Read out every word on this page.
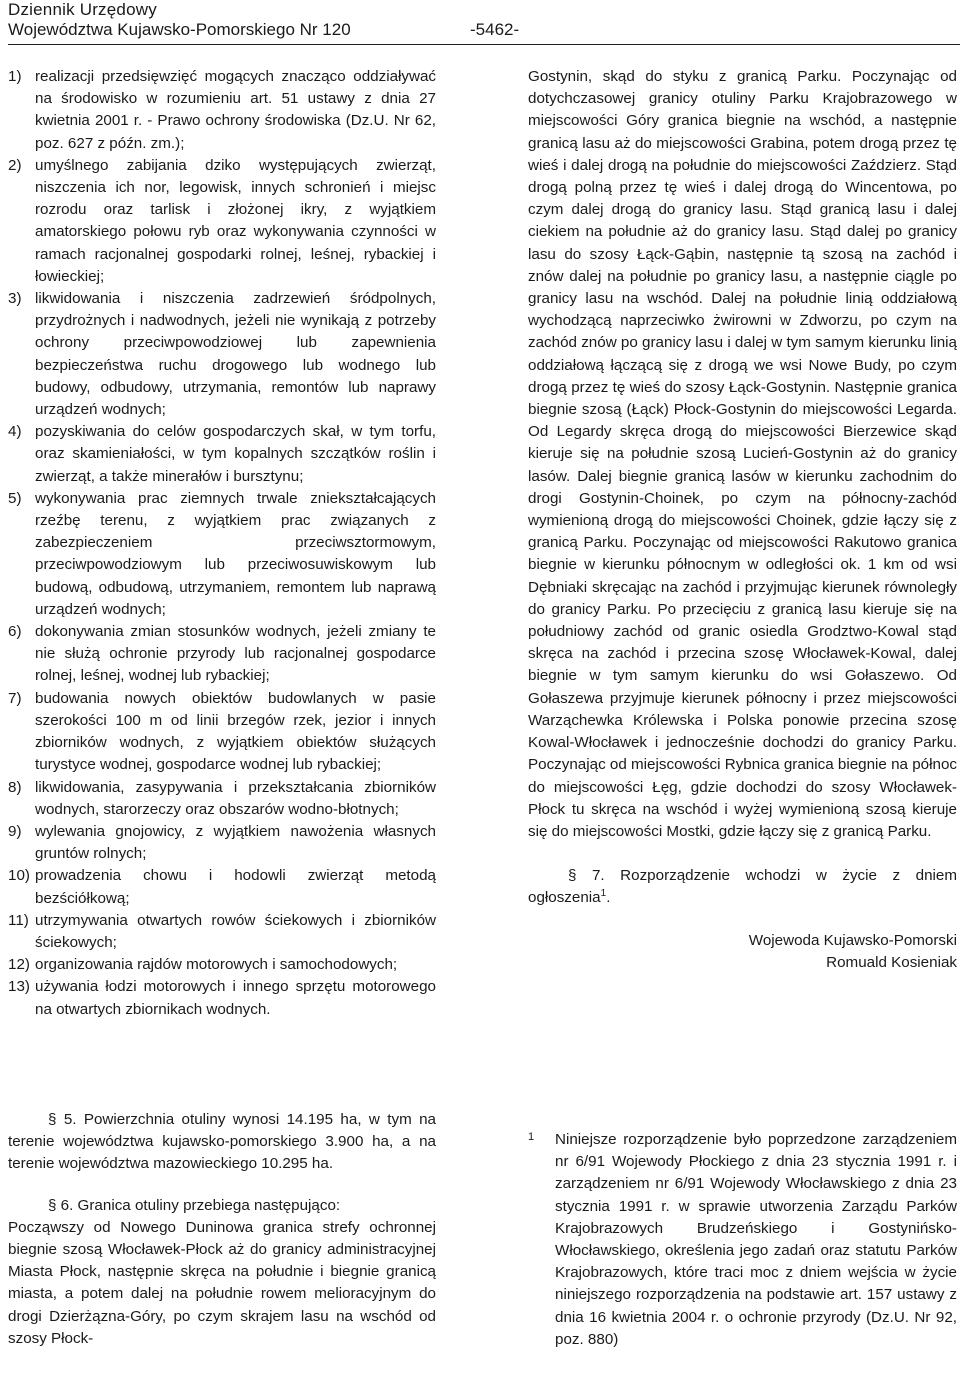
Dziennik Urzędowy
Województwa Kujawsko-Pomorskiego Nr 120	-5462-
1) realizacji przedsięwzięć mogących znacząco oddziaływać na środowisko w rozumieniu art. 51 ustawy z dnia 27 kwietnia 2001 r. - Prawo ochrony środowiska (Dz.U. Nr 62, poz. 627 z późn. zm.);
2) umyślnego zabijania dziko występujących zwierząt, niszczenia ich nor, legowisk, innych schronień i miejsc rozrodu oraz tarlisk i złożonej ikry, z wyjątkiem amatorskiego połowu ryb oraz wykonywania czynności w ramach racjonalnej gospodarki rolnej, leśnej, rybackiej i łowieckiej;
3) likwidowania i niszczenia zadrzewień śródpolnych, przydrożnych i nadwodnych, jeżeli nie wynikają z potrzeby ochrony przeciwpowodziowej lub zapewnienia bezpieczeństwa ruchu drogowego lub wodnego lub budowy, odbudowy, utrzymania, remontów lub naprawy urządzeń wodnych;
4) pozyskiwania do celów gospodarczych skał, w tym torfu, oraz skamieniałości, w tym kopalnych szczątków roślin i zwierząt, a także minerałów i bursztynu;
5) wykonywania prac ziemnych trwale zniekształcających rzeźbę terenu, z wyjątkiem prac związanych z zabezpieczeniem przeciwsztormowym, przeciwpowodziowym lub przeciwosuwiskowym lub budową, odbudową, utrzymaniem, remontem lub naprawą urządzeń wodnych;
6) dokonywania zmian stosunków wodnych, jeżeli zmiany te nie służą ochronie przyrody lub racjonalnej gospodarce rolnej, leśnej, wodnej lub rybackiej;
7) budowania nowych obiektów budowlanych w pasie szerokości 100 m od linii brzegów rzek, jezior i innych zbiorników wodnych, z wyjątkiem obiektów służących turystyce wodnej, gospodarce wodnej lub rybackiej;
8) likwidowania, zasypywania i przekształcania zbiorników wodnych, starorzeczy oraz obszarów wodno-błotnych;
9) wylewania gnojowicy, z wyjątkiem nawożenia własnych gruntów rolnych;
10) prowadzenia chowu i hodowli zwierząt metodą bezściółkową;
11) utrzymywania otwartych rowów ściekowych i zbiorników ściekowych;
12) organizowania rajdów motorowych i samochodowych;
13) używania łodzi motorowych i innego sprzętu motorowego na otwartych zbiornikach wodnych.
§ 5. Powierzchnia otuliny wynosi 14.195 ha, w tym na terenie województwa kujawsko-pomorskiego 3.900 ha, a na terenie województwa mazowieckiego 10.295 ha.
§ 6. Granica otuliny przebiega następująco:
Począwszy od Nowego Duninowa granica strefy ochronnej biegnie szosą Włocławek-Płock aż do granicy administracyjnej Miasta Płock, następnie skręca na południe i biegnie granicą miasta, a potem dalej na południe rowem melioracyjnym do drogi Dzierżązna-Góry, po czym skrajem lasu na wschód od szosy Płock-
Gostynin, skąd do styku z granicą Parku. Poczynając od dotychczasowej granicy otuliny Parku Krajobrazowego w miejscowości Góry granica biegnie na wschód, a następnie granicą lasu aż do miejscowości Grabina, potem drogą przez tę wieś i dalej drogą na południe do miejscowości Zaździerz. Stąd drogą polną przez tę wieś i dalej drogą do Wincentowa, po czym dalej drogą do granicy lasu. Stąd granicą lasu i dalej ciekiem na południe aż do granicy lasu. Stąd dalej po granicy lasu do szosy Łąck-Gąbin, następnie tą szosą na zachód i znów dalej na południe po granicy lasu, a następnie ciągle po granicy lasu na wschód. Dalej na południe linią oddziałową wychodzącą naprzeciwko żwirowni w Zdworzu, po czym na zachód znów po granicy lasu i dalej w tym samym kierunku linią oddziałową łączącą się z drogą we wsi Nowe Budy, po czym drogą przez tę wieś do szosy Łąck-Gostynin. Następnie granica biegnie szosą (Łąck) Płock-Gostynin do miejscowości Legarda. Od Legardy skręca drogą do miejscowości Bierzewice skąd kieruje się na południe szosą Lucień-Gostynin aż do granicy lasów. Dalej biegnie granicą lasów w kierunku zachodnim do drogi Gostynin-Choinek, po czym na północny-zachód wymienioną drogą do miejscowości Choinek, gdzie łączy się z granicą Parku. Poczynając od miejscowości Rakutowo granica biegnie w kierunku północnym w odległości ok. 1 km od wsi Dębniaki skręcając na zachód i przyjmując kierunek równoległy do granicy Parku. Po przecięciu z granicą lasu kieruje się na południowy zachód od granic osiedla Grodztwo-Kowal stąd skręca na zachód i przecina szosę Włocławek-Kowal, dalej biegnie w tym samym kierunku do wsi Gołaszewo. Od Gołaszewa przyjmuje kierunek północny i przez miejscowości Warząchewka Królewska i Polska ponowie przecina szosę Kowal-Włocławek i jednocześnie dochodzi do granicy Parku. Poczynając od miejscowości Rybnica granica biegnie na północ do miejscowości Łęg, gdzie dochodzi do szosy Włocławek-Płock tu skręca na wschód i wyżej wymienioną szosą kieruje się do miejscowości Mostki, gdzie łączy się z granicą Parku.
§ 7. Rozporządzenie wchodzi w życie z dniem ogłoszenia$^1$.
Wojewoda Kujawsko-Pomorski
Romuald Kosieniak
1	Niniejsze rozporządzenie było poprzedzone zarządzeniem nr 6/91 Wojewody Płockiego z dnia 23 stycznia 1991 r. i zarządzeniem nr 6/91 Wojewody Włocławskiego z dnia 23 stycznia 1991 r. w sprawie utworzenia Zarządu Parków Krajobrazowych Brudzeńskiego i Gostynińsko-Włocławskiego, określenia jego zadań oraz statutu Parków Krajobrazowych, które traci moc z dniem wejścia w życie niniejszego rozporządzenia na podstawie art. 157 ustawy z dnia 16 kwietnia 2004 r. o ochronie przyrody (Dz.U. Nr 92, poz. 880)
